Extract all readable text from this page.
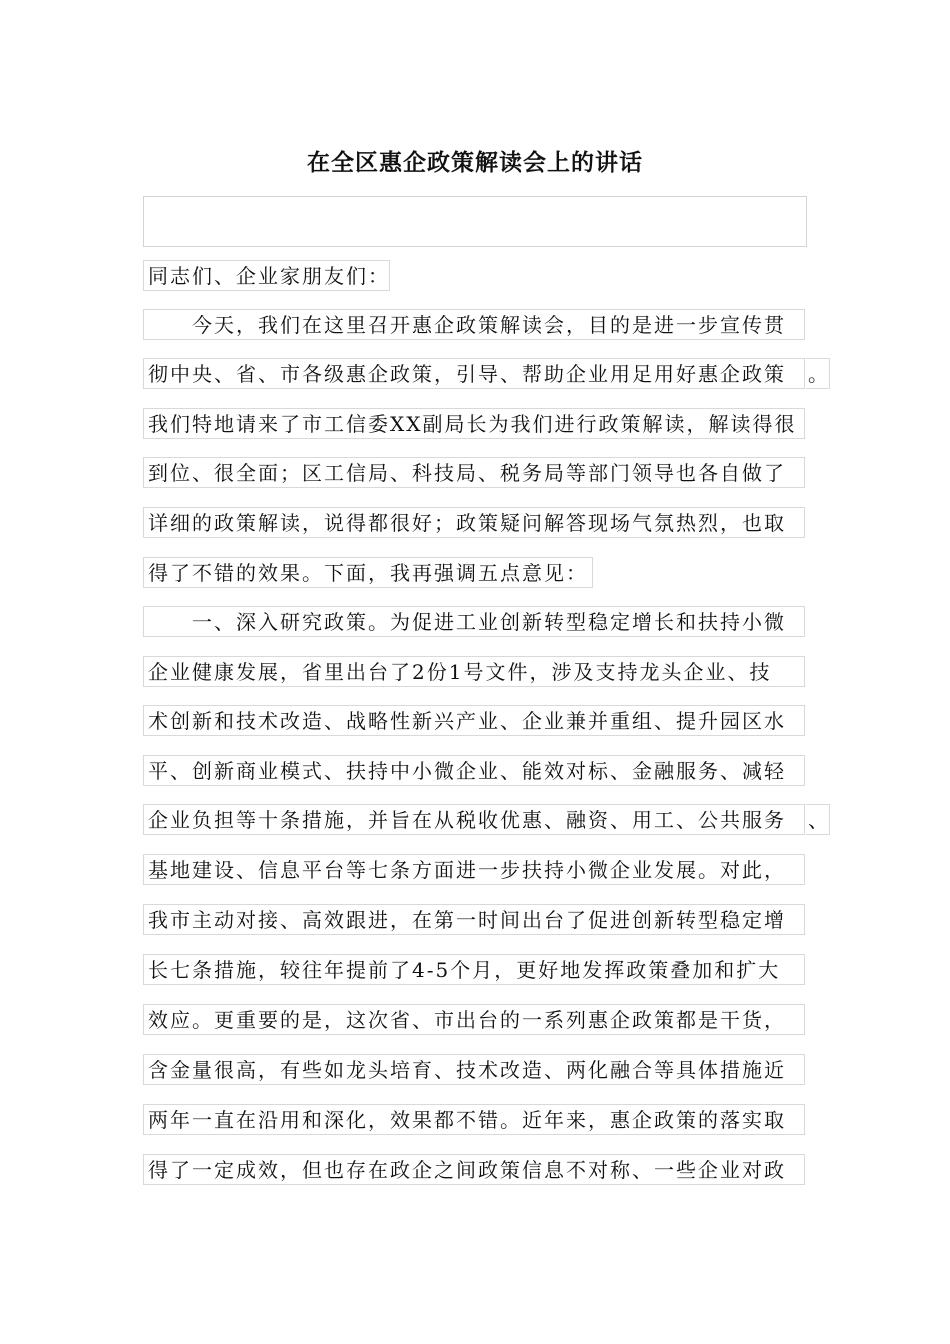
在全区惠企政策解读会上的讲话
同志们、企业家朋友们：
今天，我们在这里召开惠企政策解读会，目的是进一步宣传贯
彻中央、省、市各级惠企政策，引导、帮助企业用足用好惠企政策 。
我们特地请来了市工信委XX副局长为我们进行政策解读，解读得很
到位、很全面；区工信局、科技局、税务局等部门领导也各自做了
详细的政策解读，说得都很好；政策疑问解答现场气氛热烈，也取
得了不错的效果。下面，我再强调五点意见：
一、深入研究政策。为促进工业创新转型稳定增长和扶持小微
企业健康发展，省里出台了2份1号文件，涉及支持龙头企业、技
术创新和技术改造、战略性新兴产业、企业兼并重组、提升园区水
平、创新商业模式、扶持中小微企业、能效对标、金融服务、减轻
企业负担等十条措施，并旨在从税收优惠、融资、用工、公共服务 、
基地建设、信息平台等七条方面进一步扶持小微企业发展。对此，
我市主动对接、高效跟进，在第一时间出台了促进创新转型稳定增
长七条措施，较往年提前了4-5个月，更好地发挥政策叠加和扩大
效应。更重要的是，这次省、市出台的一系列惠企政策都是干货，
含金量很高，有些如龙头培育、技术改造、两化融合等具体措施近
两年一直在沿用和深化，效果都不错。近年来，惠企政策的落实取
得了一定成效，但也存在政企之间政策信息不对称、一些企业对政
